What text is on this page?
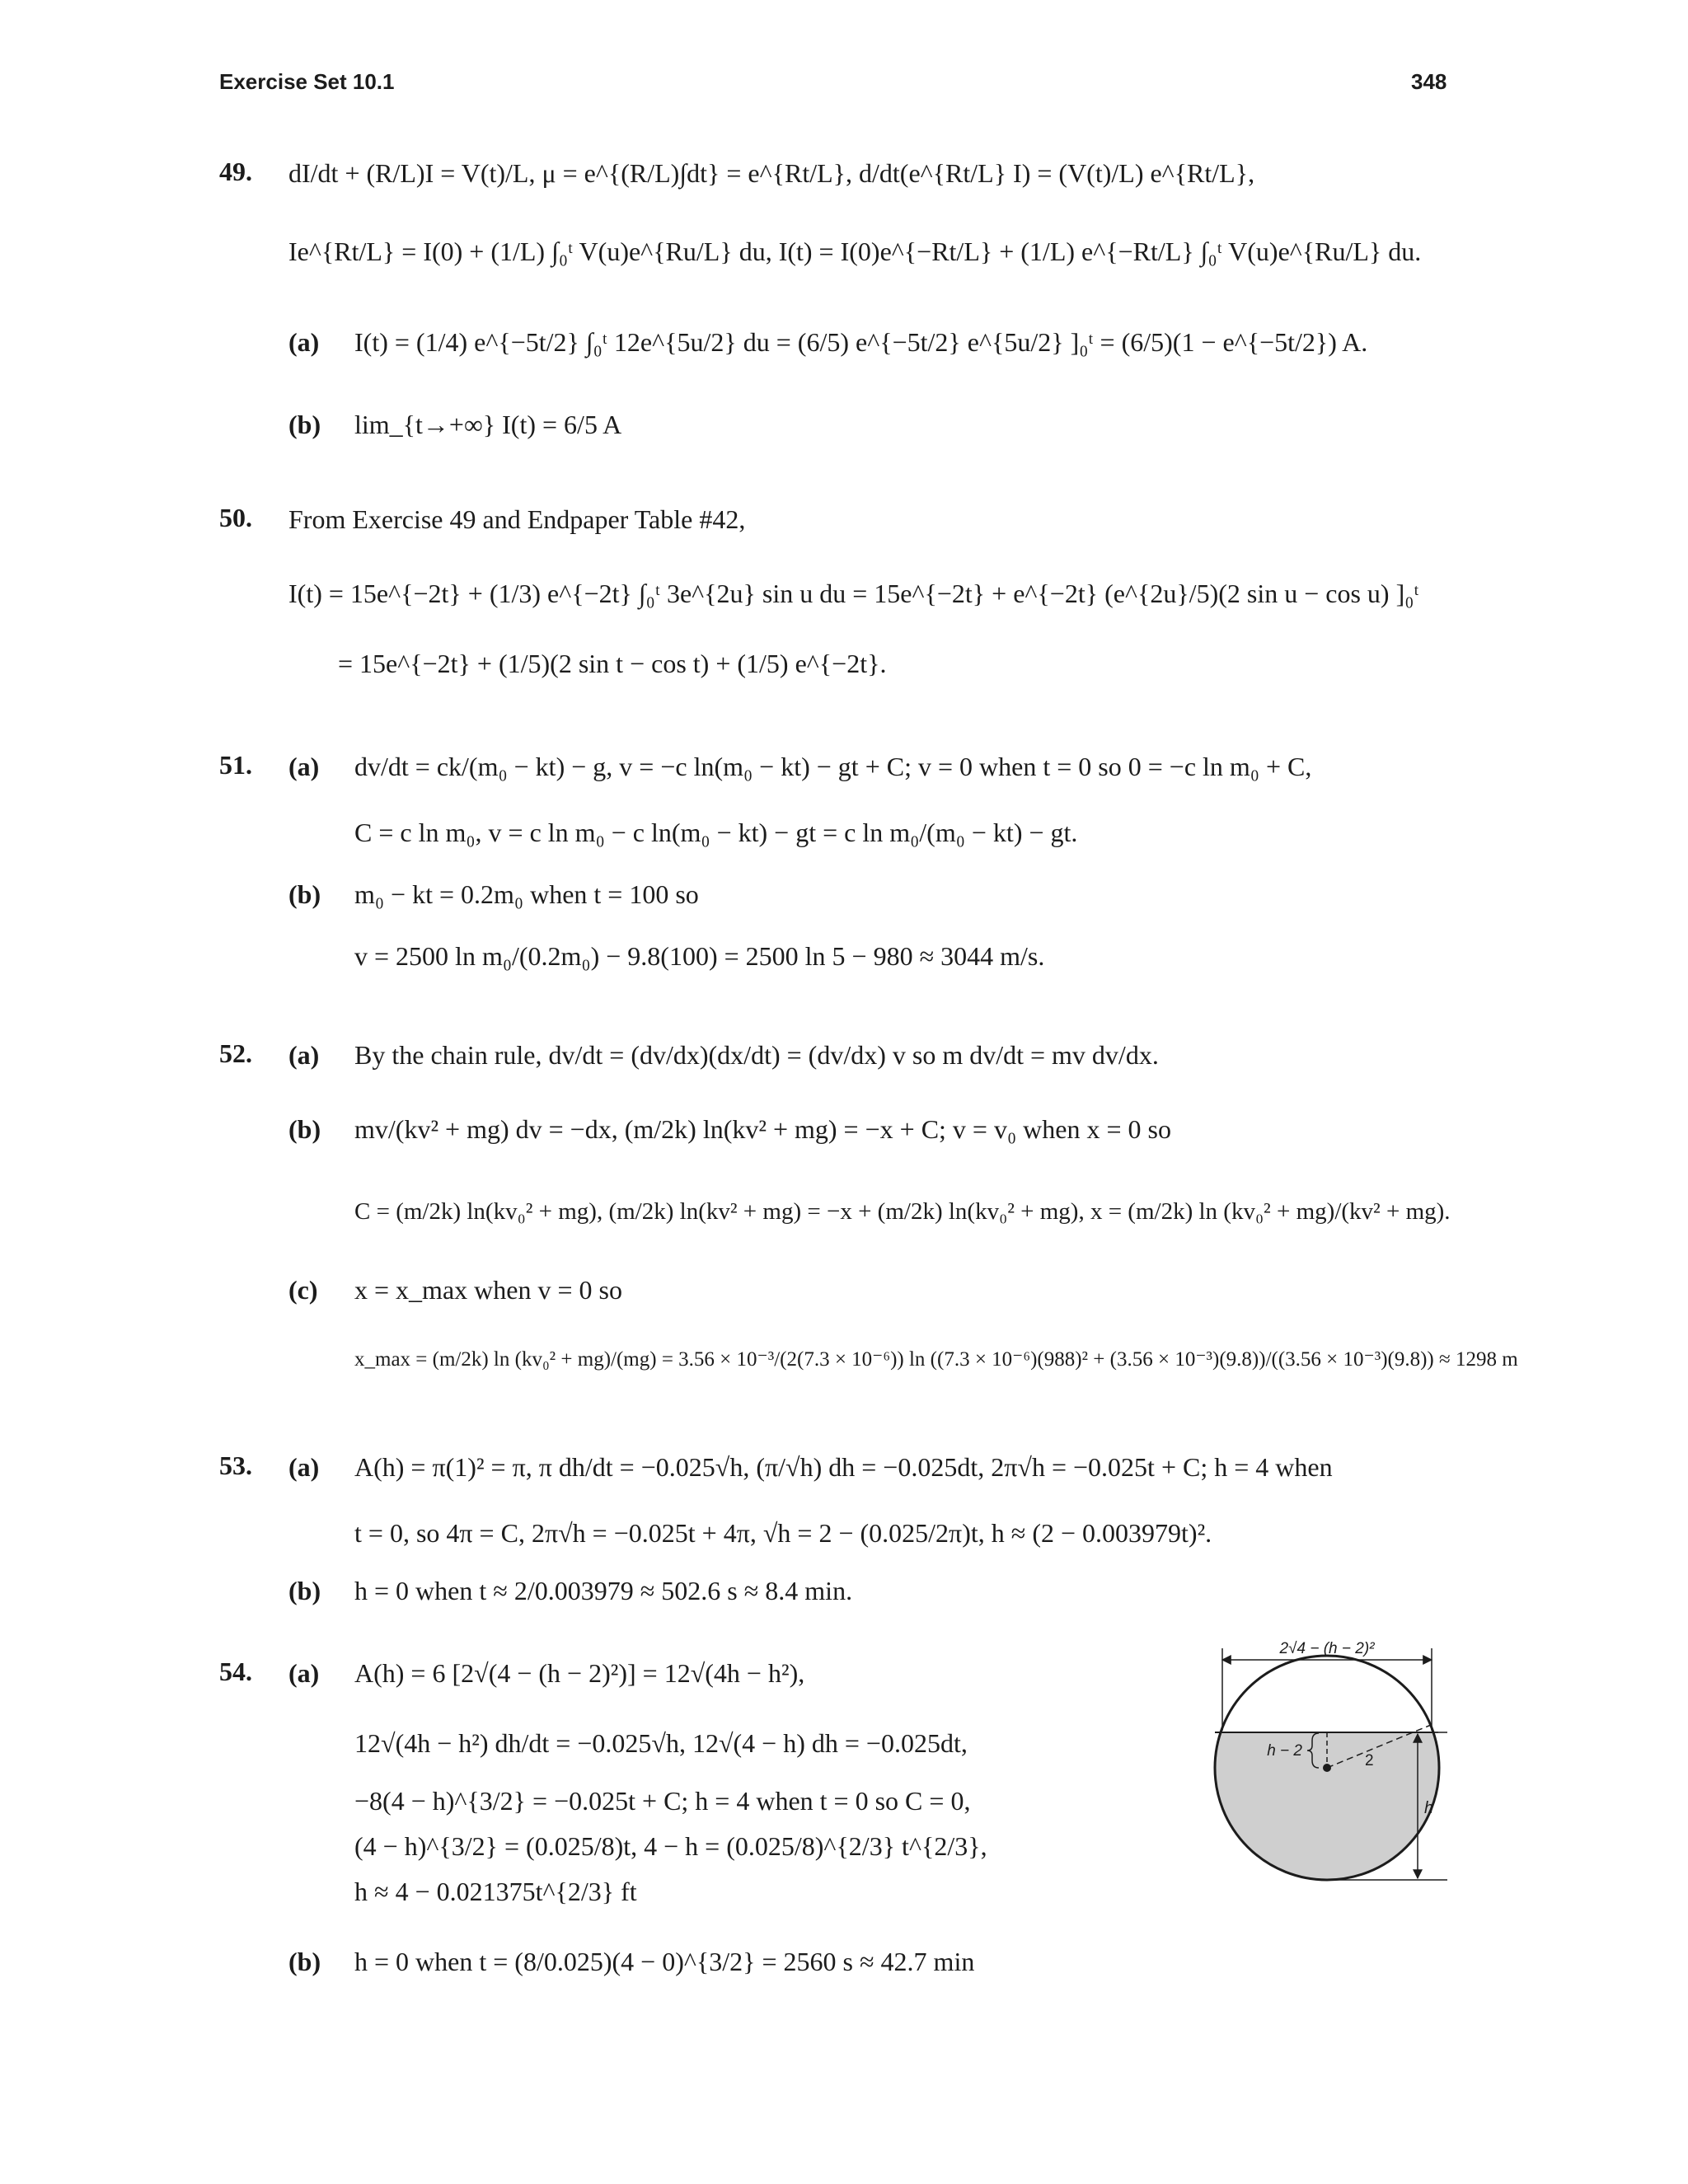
Exercise Set 10.1	348
49. dI/dt + (R/L)I = V(t)/L, μ = e^{(R/L)∫dt} = e^{Rt/L}, d/dt(e^{Rt/L} I) = (V(t)/L) e^{Rt/L},
Ie^{Rt/L} = I(0) + (1/L) ∫₀ᵗ V(u)e^{Ru/L} du, I(t) = I(0)e^{−Rt/L} + (1/L) e^{−Rt/L} ∫₀ᵗ V(u)e^{Ru/L} du.
(a) I(t) = (1/4) e^{−5t/2} ∫₀ᵗ 12e^{5u/2} du = (6/5) e^{−5t/2} e^{5u/2} ]₀ᵗ = (6/5)(1 − e^{−5t/2}) A.
(b) lim_{t→+∞} I(t) = 6/5 A
50. From Exercise 49 and Endpaper Table #42,
I(t) = 15e^{−2t} + (1/3) e^{−2t} ∫₀ᵗ 3e^{2u} sin u du = 15e^{−2t} + e^{−2t} (e^{2u}/5)(2 sin u − cos u) ]₀ᵗ
= 15e^{−2t} + (1/5)(2 sin t − cos t) + (1/5) e^{−2t}.
51. (a) dv/dt = ck/(m₀ − kt) − g, v = −c ln(m₀ − kt) − gt + C; v = 0 when t = 0 so 0 = −c ln m₀ + C,
C = c ln m₀, v = c ln m₀ − c ln(m₀ − kt) − gt = c ln m₀/(m₀ − kt) − gt.
(b) m₀ − kt = 0.2m₀ when t = 100 so
v = 2500 ln m₀/(0.2m₀) − 9.8(100) = 2500 ln 5 − 980 ≈ 3044 m/s.
52. (a) By the chain rule, dv/dt = (dv/dx)(dx/dt) = (dv/dx) v so m dv/dt = mv dv/dx.
(b) mv/(kv² + mg) dv = −dx, (m/2k) ln(kv² + mg) = −x + C; v = v₀ when x = 0 so
C = (m/2k) ln(kv₀² + mg), (m/2k) ln(kv² + mg) = −x + (m/2k) ln(kv₀² + mg), x = (m/2k) ln (kv₀² + mg)/(kv² + mg).
(c) x = x_max when v = 0 so
x_max = (m/2k) ln (kv₀² + mg)/(mg) = 3.56 × 10⁻³/(2(7.3 × 10⁻⁶)) ln ((7.3 × 10⁻⁶)(988)² + (3.56 × 10⁻³)(9.8))/((3.56 × 10⁻³)(9.8)) ≈ 1298 m
53. (a) A(h) = π(1)² = π, π dh/dt = −0.025√h, (π/√h) dh = −0.025dt, 2π√h = −0.025t + C; h = 4 when
t = 0, so 4π = C, 2π√h = −0.025t + 4π, √h = 2 − (0.025/2π)t, h ≈ (2 − 0.003979t)².
(b) h = 0 when t ≈ 2/0.003979 ≈ 502.6 s ≈ 8.4 min.
54. (a) A(h) = 6 [2√(4 − (h − 2)²)] = 12√(4h − h²),
12√(4h − h²) dh/dt = −0.025√h, 12√(4 − h) dh = −0.025dt,
−8(4 − h)^{3/2} = −0.025t + C; h = 4 when t = 0 so C = 0,
(4 − h)^{3/2} = (0.025/8)t, 4 − h = (0.025/8)^{2/3} t^{2/3},
h ≈ 4 − 0.021375t^{2/3} ft
(b) h = 0 when t = (8/0.025)(4 − 0)^{3/2} = 2560 s ≈ 42.7 min
2√4 − (h − 2)²
h
h − 2
2
